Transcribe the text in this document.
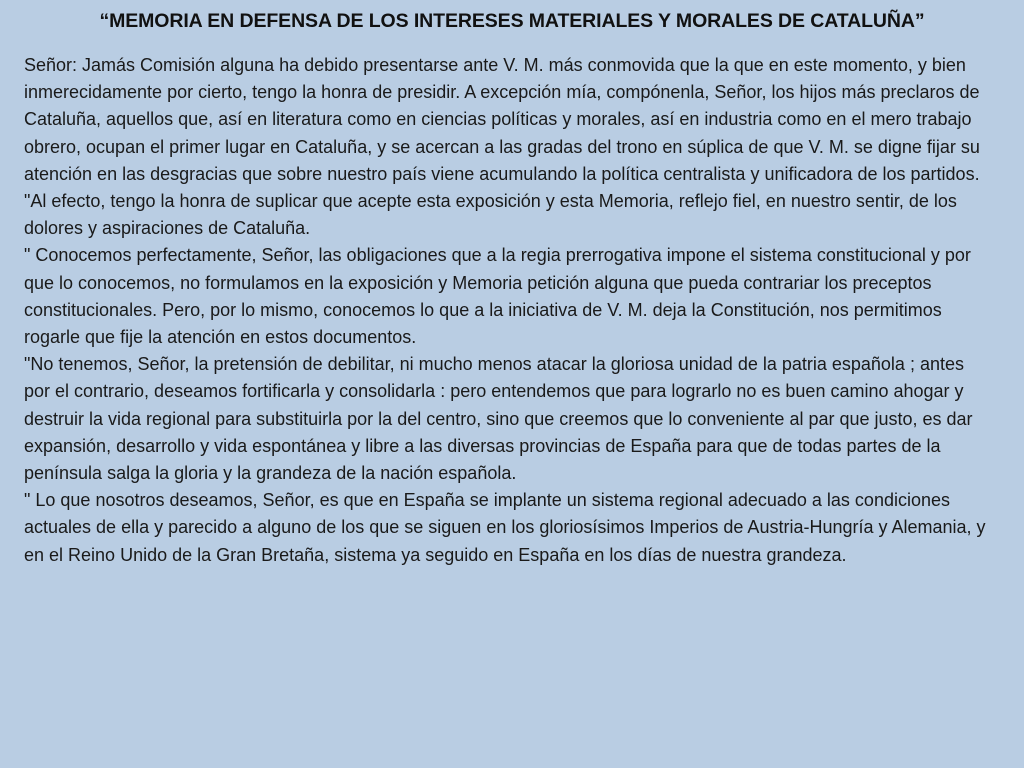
“MEMORIA EN DEFENSA DE LOS INTERESES MATERIALES Y MORALES DE CATALUÑA”

Señor: Jamás Comisión alguna ha debido presentarse ante V. M. más conmovida que la que en este momento, y bien inmerecidamente por cierto, tengo la honra de presidir. A excepción mía, compónenla, Señor, los hijos más preclaros de Cataluña, aquellos que, así en literatura como en ciencias políticas y morales, así en industria como en el mero trabajo obrero, ocupan el primer lugar en Cataluña, y se acercan a las gradas del trono en súplica de que V. M. se digne fijar su atención en las desgracias que sobre nuestro país viene acumulando la política centralista y unificadora de los partidos.

"Al efecto, tengo la honra de suplicar que acepte esta exposición y esta Memoria, reflejo fiel, en nuestro sentir, de los dolores y aspiraciones de Cataluña.

" Conocemos perfectamente, Señor, las obligaciones que a la regia prerrogativa impone el sistema constitucional y por que lo conocemos, no formulamos en la exposición y Memoria petición alguna que pueda contrariar los preceptos constitucionales. Pero, por lo mismo, conocemos lo que a la iniciativa de V. M. deja la Constitución, nos permitimos rogarle que fije la atención en estos documentos.

"No tenemos, Señor, la pretensión de debilitar, ni mucho menos atacar la gloriosa unidad de la patria española ; antes por el contrario, deseamos fortificarla y consolidarla : pero entendemos que para lograrlo no es buen camino ahogar y destruir la vida regional para substituirla por la del centro, sino que creemos que lo conveniente al par que justo, es dar expansión, desarrollo y vida espontánea y libre a las diversas provincias de España para que de todas partes de la península salga la gloria y la grandeza de la nación española.

" Lo que nosotros deseamos, Señor, es que en España se implante un sistema regional adecuado a las condiciones actuales de ella y parecido a alguno de los que se siguen en los gloriosísimos Imperios de Austria-Hungría y Alemania, y en el Reino Unido de la Gran Bretaña, sistema ya seguido en España en los días de nuestra grandeza.
